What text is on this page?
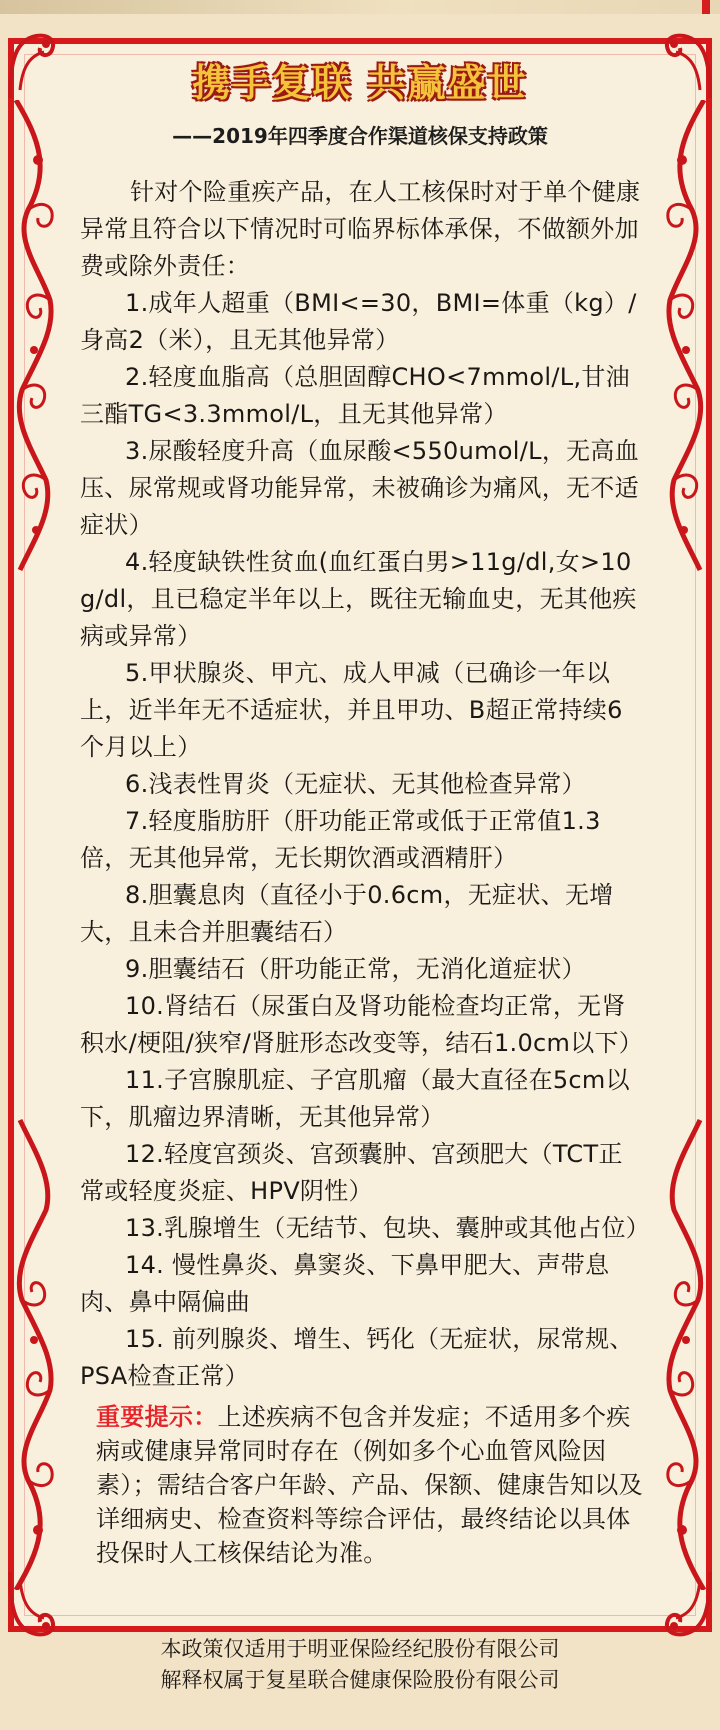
携手复联 共赢盛世
——2019年四季度合作渠道核保支持政策

针对个险重疾产品，在人工核保时对于单个健康异常且符合以下情况时可临界标体承保，不做额外加费或除外责任：

1.成年人超重（BMI<=30，BMI=体重（kg）/身高2（米），且无其他异常）
2.轻度血脂高（总胆固醇CHO<7mmol/L,甘油三酯TG<3.3mmol/L，且无其他异常）
3.尿酸轻度升高（血尿酸<550umol/L，无高血压、尿常规或肾功能异常，未被确诊为痛风，无不适症状）
4.轻度缺铁性贫血(血红蛋白男>11g/dl,女>10g/dl，且已稳定半年以上，既往无输血史，无其他疾病或异常）
5.甲状腺炎、甲亢、成人甲减（已确诊一年以上，近半年无不适症状，并且甲功、B超正常持续6个月以上）
6.浅表性胃炎（无症状、无其他检查异常）
7.轻度脂肪肝（肝功能正常或低于正常值1.3倍，无其他异常，无长期饮酒或酒精肝）
8.胆囊息肉（直径小于0.6cm，无症状、无增大，且未合并胆囊结石）
9.胆囊结石（肝功能正常，无消化道症状）
10.肾结石（尿蛋白及肾功能检查均正常，无肾积水/梗阻/狭窄/肾脏形态改变等，结石1.0cm以下）
11.子宫腺肌症、子宫肌瘤（最大直径在5cm以下，肌瘤边界清晰，无其他异常）
12.轻度宫颈炎、宫颈囊肿、宫颈肥大（TCT正常或轻度炎症、HPV阴性）
13.乳腺增生（无结节、包块、囊肿或其他占位）
14. 慢性鼻炎、鼻窦炎、下鼻甲肥大、声带息肉、鼻中隔偏曲
15. 前列腺炎、增生、钙化（无症状，尿常规、PSA检查正常）
重要提示：上述疾病不包含并发症；不适用多个疾病或健康异常同时存在（例如多个心血管风险因素）；需结合客户年龄、产品、保额、健康告知以及详细病史、检查资料等综合评估，最终结论以具体投保时人工核保结论为准。
本政策仅适用于明亚保险经纪股份有限公司
解释权属于复星联合健康保险股份有限公司
